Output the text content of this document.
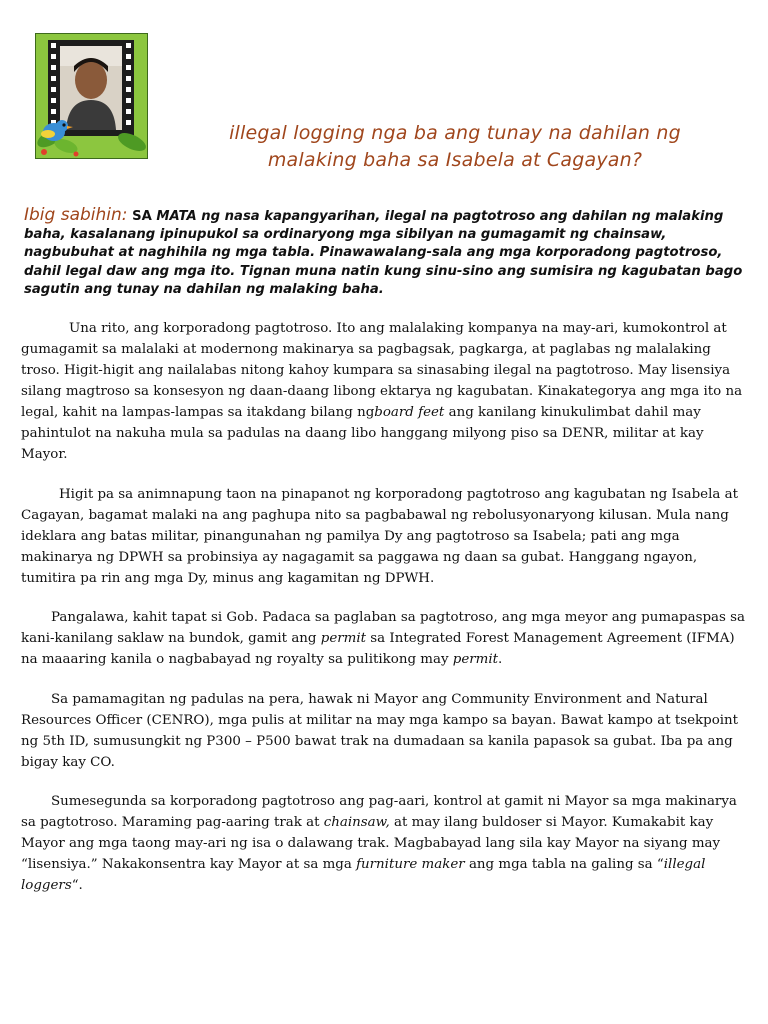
illegal logging nga ba ang tunay na dahilan ng
malaking baha sa Isabela at Cagayan?
Ibig sabihin: SA MATA ng nasa kapangyarihan, ilegal na pagtotroso ang dahilan ng malaking baha, kasalanang ipinupukol sa ordinaryong mga sibilyan na gumagamit ng chainsaw, nagbubuhat at naghihila ng mga tabla. Pinawawalang-sala ang mga korporadong pagtotroso, dahil legal daw ang mga ito. Tignan muna natin kung sinu-sino ang sumisira ng kagubatan bago sagutin ang tunay na dahilan ng malaking baha.

Una rito, ang korporadong pagtotroso. Ito ang malalaking kompanya na may-ari, kumokontrol at gumagamit sa malalaki at modernong makinarya sa pagbagsak, pagkarga, at paglabas ng malalaking troso. Higit-higit ang nailalabas nitong kahoy kumpara sa sinasabing ilegal na pagtotroso. May lisensiya silang magtroso sa konsesyon ng daan-daang libong ektarya ng kagubatan. Kinakategorya ang mga ito na legal, kahit na lampas-lampas sa itakdang bilang ngboard feet ang kanilang kinukulimbat dahil may pahintulot na nakuha mula sa padulas na daang libo hanggang milyong piso sa DENR, militar at kay Mayor.

Higit pa sa animnapung taon na pinapanot ng korporadong pagtotroso ang kagubatan ng Isabela at Cagayan, bagamat malaki na ang paghupa nito sa pagbabawal ng rebolusyonaryong kilusan. Mula nang ideklara ang batas militar, pinangunahan ng pamilya Dy ang pagtotroso sa Isabela; pati ang mga makinarya ng DPWH sa probinsiya ay nagagamit sa paggawa ng daan sa gubat. Hanggang ngayon, tumitira pa rin ang mga Dy, minus ang kagamitan ng DPWH.

Pangalawa, kahit tapat si Gob. Padaca sa paglaban sa pagtotroso, ang mga meyor ang pumapaspas sa kani-kanilang saklaw na bundok, gamit ang permit sa Integrated Forest Management Agreement (IFMA) na maaaring kanila o nagbabayad ng royalty sa pulitikong may permit.

Sa pamamagitan ng padulas na pera, hawak ni Mayor ang Community Environment and Natural Resources Officer (CENRO), mga pulis at militar na may mga kampo sa bayan. Bawat kampo at tsekpoint ng 5th ID, sumusungkit ng P300 – P500 bawat trak na dumadaan sa kanila papasok sa gubat. Iba pa ang bigay kay CO.

Sumesegunda sa korporadong pagtotroso ang pag-aari, kontrol at gamit ni Mayor sa mga makinarya sa pagtotroso. Maraming pag-aaring trak at chainsaw, at may ilang buldoser si Mayor. Kumakabit kay Mayor ang mga taong may-ari ng isa o dalawang trak. Magbabayad lang sila kay Mayor na siyang may “lisensiya.” Nakakonsentra kay Mayor at sa mga furniture maker ang mga tabla na galing sa “illegal loggers“.
